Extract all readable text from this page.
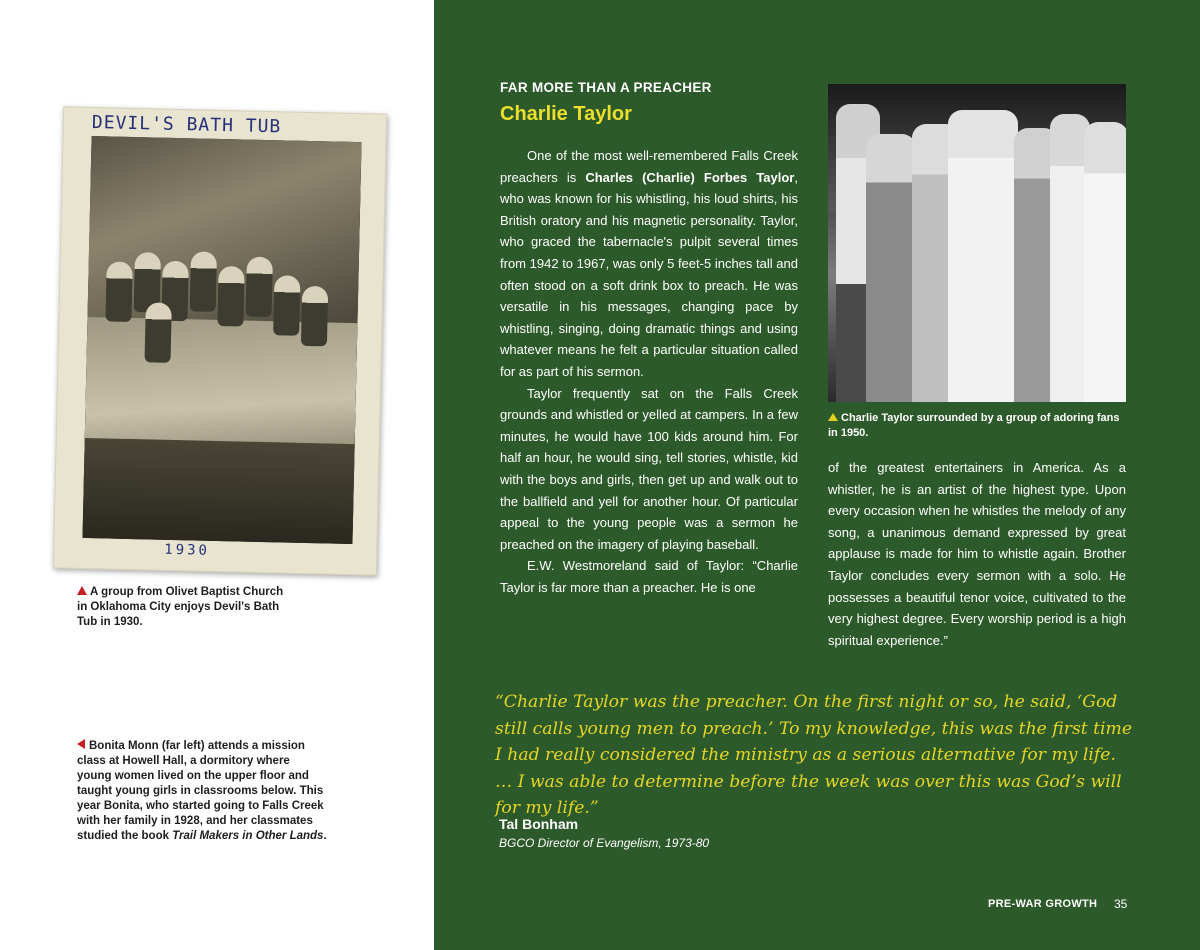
DEVIL'S BATH TUB
1930
A group from Olivet Baptist Church
in Oklahoma City enjoys Devil's Bath
Tub in 1930.
Bonita Monn (far left) attends a mission
class at Howell Hall, a dormitory where
young women lived on the upper floor and
taught young girls in classrooms below. This
year Bonita, who started going to Falls Creek
with her family in 1928, and her classmates
studied the book Trail Makers in Other Lands.
FAR MORE THAN A PREACHER
Charlie Taylor

One of the most well-remembered Falls Creek preachers is Charles (Charlie) Forbes Taylor, who was known for his whistling, his loud shirts, his British oratory and his magnetic personality. Taylor, who graced the tabernacle's pulpit several times from 1942 to 1967, was only 5 feet-5 inches tall and often stood on a soft drink box to preach. He was versatile in his messages, changing pace by whistling, singing, doing dramatic things and using whatever means he felt a particular situation called for as part of his sermon.

Taylor frequently sat on the Falls Creek grounds and whistled or yelled at campers. In a few minutes, he would have 100 kids around him. For half an hour, he would sing, tell stories, whistle, kid with the boys and girls, then get up and walk out to the ballfield and yell for another hour. Of particular appeal to the young people was a sermon he preached on the imagery of playing baseball.

E.W. Westmoreland said of Taylor: “Charlie Taylor is far more than a preacher. He is one

Charlie Taylor surrounded by a group of adoring fans in 1950.

of the greatest entertainers in America. As a whistler, he is an artist of the highest type. Upon every occasion when he whistles the melody of any song, a unanimous demand expressed by great applause is made for him to whistle again. Brother Taylor concludes every sermon with a solo. He possesses a beautiful tenor voice, cultivated to the very highest degree. Every worship period is a high spiritual experience.”

“Charlie Taylor was the preacher. On the first night or so, he said, ‘God still calls young men to preach.’ To my knowledge, this was the first time I had really considered the ministry as a serious alternative for my life. … I was able to determine before the week was over this was God’s will for my life.”
Tal Bonham
BGCO Director of Evangelism, 1973-80
PRE-WAR GROWTH 35
